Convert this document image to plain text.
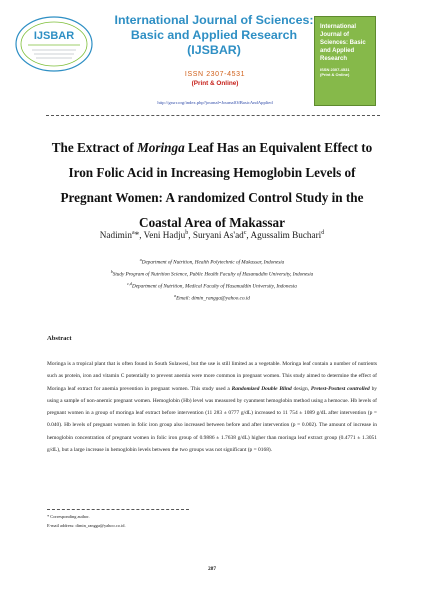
IJSBAR
International Journal of Sciences:
Basic and Applied Research
(IJSBAR)
ISSN 2307-4531
(Print & Online)
http://gssrr.org/index.php?journal=JournalOfBasicAndApplied
International Journal of Sciences: Basic and Applied Research
ISSN 2307-4531
(Print & Online)
The Extract of Moringa Leaf Has an Equivalent Effect to
Iron Folic Acid in Increasing Hemoglobin Levels of
Pregnant Women: A randomized Control Study in the
Coastal Area of Makassar
Nadimin$^a$*, Veni Hadju$^b$, Suryani $As'ad^c$, Agussalim Buchari$^d$
$^a$Department of Nutrition, Health Polytechnic of Makassar, Indonesia
$^b$Study Program of Nutrition Science, Public Health Faculty of Hasanuddin University, Indonesia
$^{c,d}$Department of Nutrition, Medical Faculty of Hasanuddin University, Indonesia
$^a$Email: dimin_rangga@yahoo.co.id
Abstract
Moringa is a tropical plant that is often found in South Sulawesi, but the use is still limited as a vegetable. Moringa leaf contain a number of nutrients such as protein, iron and vitamin C potentially to prevent anemia were more common in pregnant women. This study aimed to determine the effect of Moringa leaf extract for anemia prevention in pregnant women. This study used a Randomized Double Blind design, Pretest-Posttest controlled by using a sample of non-anemic pregnant women. Hemoglobin (Hb) level was measured by cyanment hemoglobin method using a hemocue. Hb levels of pregnant women in a group of moringa leaf extract before intervention (11 283 ± 0777 g/dL) increased to 11 754 ± 1089 g/dL after intervention (p = 0.040). Hb levels of pregnant women in folic iron group also increased between before and after intervention (p = 0.002). The amount of increase in hemoglobin concentration of pregnant women in folic iron group of 0.9886 ± 1.7638 g/dL) higher than moringa leaf extract group (0.4771 ± 1.3051 g/dL), but a large increase in hemoglobin levels between the two groups was not significant (p = 0168).
* Corresponding author.
E-mail address: dimin_rangga@yahoo.co.id.
287
